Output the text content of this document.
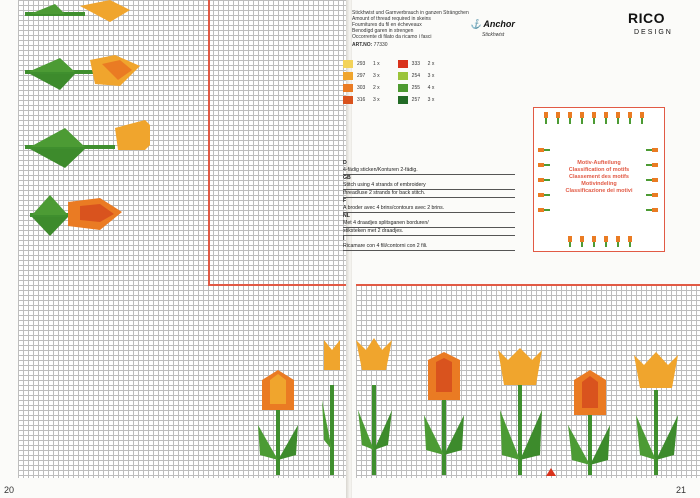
20	21
Stickhwist und Garnverbrauch in ganzen Strängchen
Amount of thread required in skeins
Fournitures du fil en écheveaux
Benodigd garen in strengen
Occorrente di filato da ricamo i fasci
ART.NO: 77330
⚓ Anchor
Stickhwist
RICO
DESIGN
293	1 x
297	3 x
303	2 x
316	3 x
333	2 x
254	3 x
255	4 x
257	3 x
D
4-fädig sticken/Konturen 2-fädig.
GB
Stitch using 4 strands of embroidery
thread/use 2 strands for back stitch.
F
A broder avec 4 brins/contours avec 2 brins.
NL
Met 4 draadjes splitsganen borduren/
stiksteken met 2 draadjes.
I
Ricamare con 4 fili/contorni con 2 fili.
Motiv-Aufteilung
Classification of motifs
Classement des motifs
Motivindeling
Classificazione dei motivi
